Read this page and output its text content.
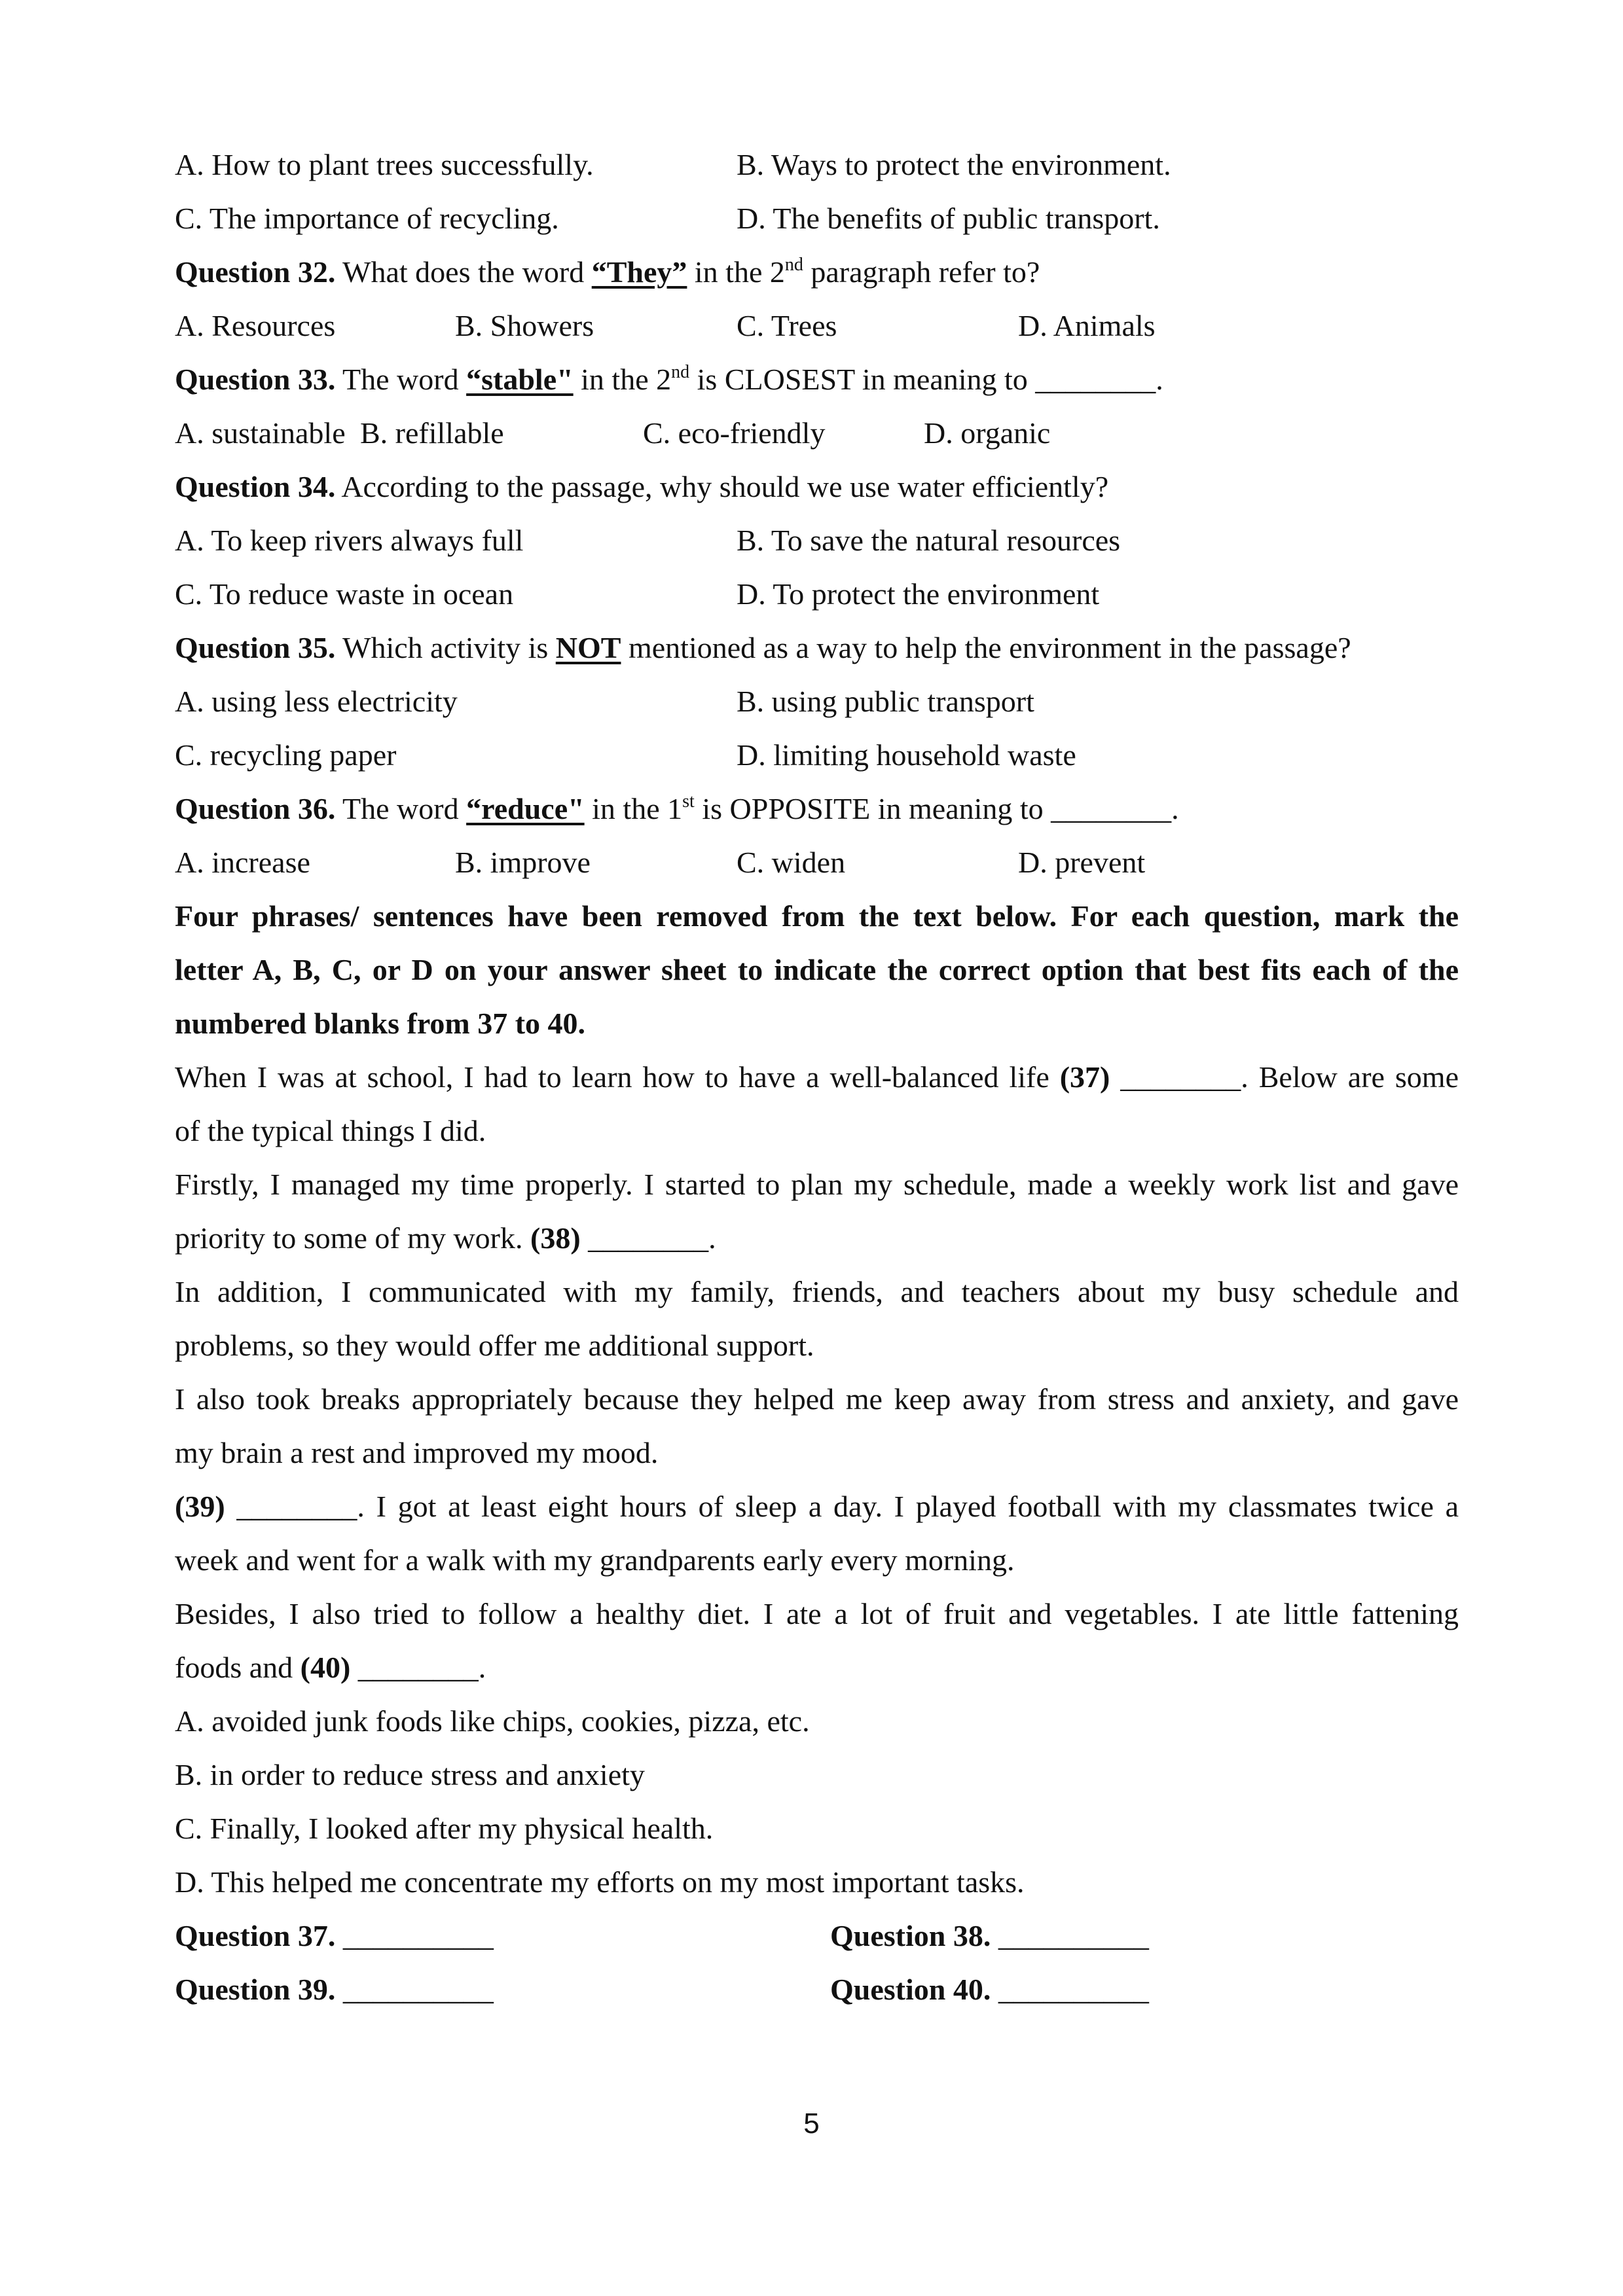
A. How to plant trees successfully.	B. Ways to protect the environment.
C. The importance of recycling.	D. The benefits of public transport.
Question 32. What does the word “They” in the 2nd paragraph refer to?
A. Resources	B. Showers	C. Trees	D. Animals
Question 33. The word “stable" in the 2nd is CLOSEST in meaning to ________.
A. sustainable B. refillable	C. eco-friendly	D. organic
Question 34. According to the passage, why should we use water efficiently?
A. To keep rivers always full	B. To save the natural resources
C. To reduce waste in ocean	D. To protect the environment
Question 35. Which activity is NOT mentioned as a way to help the environment in the passage?
A. using less electricity	B. using public transport
C. recycling paper	D. limiting household waste
Question 36. The word “reduce" in the 1st is OPPOSITE in meaning to ________.
A. increase	B. improve	C. widen	D. prevent
Four phrases/ sentences have been removed from the text below. For each question, mark the
letter A, B, C, or D on your answer sheet to indicate the correct option that best fits each of the
numbered blanks from 37 to 40.
When I was at school, I had to learn how to have a well-balanced life (37) ________. Below are some
of the typical things I did.
Firstly, I managed my time properly. I started to plan my schedule, made a weekly work list and gave
priority to some of my work. (38) ________.
In addition, I communicated with my family, friends, and teachers about my busy schedule and
problems, so they would offer me additional support.
I also took breaks appropriately because they helped me keep away from stress and anxiety, and gave
my brain a rest and improved my mood.
(39) ________. I got at least eight hours of sleep a day. I played football with my classmates twice a
week and went for a walk with my grandparents early every morning.
Besides, I also tried to follow a healthy diet. I ate a lot of fruit and vegetables. I ate little fattening
foods and (40) ________.
A. avoided junk foods like chips, cookies, pizza, etc.
B. in order to reduce stress and anxiety
C. Finally, I looked after my physical health.
D. This helped me concentrate my efforts on my most important tasks.
Question 37. __________	Question 38. __________
Question 39. __________	Question 40. __________
5
